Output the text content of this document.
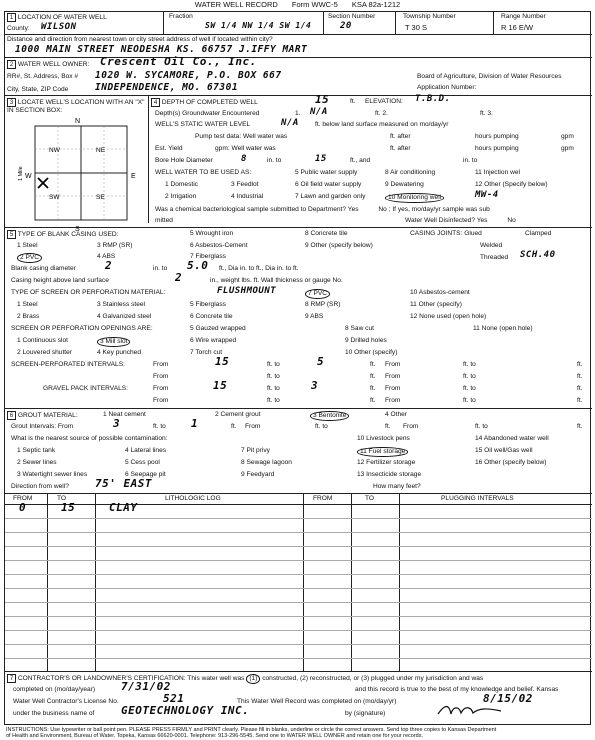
WATER WELL RECORD Form WWC-5 KSA 82a-1212
1 LOCATION OF WATER WELL
County: WILSON
Fraction
SW 1/4 NW 1/4 SW 1/4
Section Number
20
Township Number
T 30 S
Range Number
R 16 E/W
Distance and direction from nearest town or city street address of well if located within city?
1000 MAIN STREET NEODESHA KS. 66757 J.IFFY MART
2 WATER WELL OWNER: Crescent Oil Co., Inc.
RR#, St. Address, Box # 1020 W. SYCAMORE, P.O. BOX 667
City, State, ZIP Code	INDEPENDENCE, MO. 67301
Board of Agriculture, Division of Water Resources
Application Number:
3 LOCATE WELL'S LOCATION WITH AN "X" IN SECTION BOX:
N
S
W	E
1 Mile
NW	NE
SW	SE
4 DEPTH OF COMPLETED WELL	15	ft. ELEVATION: T.B.D.
Depth(s) Groundwater Encountered	1. N/A	ft. 2.	ft. 3.
WELL'S STATIC WATER LEVEL	N/A ft. below land surface measured on mo/day/yr
Pump test data: Well water was	ft. after	hours pumping	gpm
Est. Yield	gpm: Well water was	ft. after	hours pumping	gpm
Bore Hole Diameter	8	in. to	15	ft., and	in. to
WELL WATER TO BE USED AS:
1 Domestic
2 Irrigation
3 Feedlot
4 Industrial
5 Public water supply
6 Oil field water supply
7 Lawn and garden only
8 Air conditioning
9 Dewatering
10 Monitoring well	MW-4
11 Injection wel
12 Other (Specify below)
Was a chemical bacteriological sample submitted to Department? Yes	No ; If yes, mo/day/yr sample was sub
mitted	Water Well Disinfected? Yes	No
5 TYPE OF BLANK CASING USED:
1 Steel
2 PVC
3 RMP (SR)
4 ABS
5 Wrought iron
6 Asbestos-Cement
7 Fiberglass
8 Concrete tile
9 Other (specify below)
CASING JOINTS: Glued	Clamped
Welded
Threaded SCH.40
Blank casing diameter	2	in. to 5.0 ft., Dia in. to ft., Dia in. to ft.
Casing height above land surface	2	in., weight lbs. ft. Wall thickness or gauge No.
TYPE OF SCREEN OR PERFORATION MATERIAL:	FLUSHMOUNT
1 Steel
2 Brass
3 Stainless steel
4 Galvanized steel
5 Fiberglass
6 Concrete tile
7 PVC
8 RMP (SR)
9 ABS
10 Asbestos-cement
11 Other (specify)
12 None used (open hole)
SCREEN OR PERFORATION OPENINGS ARE:
1 Continuous slot
2 Louvered shutter
3 Mill slot
4 Key punched
5 Gauzed wrapped
6 Wire wrapped
7 Torch cut
8 Saw cut
9 Drilled holes
10 Other (specify)
11 None (open hole)
SCREEN-PERFORATED INTERVALS:	From	15	ft. to	5	ft. From	ft. to	ft.
From	ft. to	ft. From	ft. to	ft.
GRAVEL PACK INTERVALS:	From	15	ft. to	3	ft. From	ft. to	ft.
From	ft. to	ft. From	ft. to	ft.
6 GROUT MATERIAL:	1 Neat cement	2 Cement grout	3 Bentonite	4 Other
Grout Intervals: From	3	ft. to 1	ft. From	ft. to	ft. From	ft. to	ft.
What is the nearest source of possible contamination:
1 Septic tank
2 Sewer lines
3 Watertight sewer lines
4 Lateral lines
5 Cess pool
6 Seepage pit
7 Pit privy
8 Sewage lagoon
9 Feedyard
10 Livestock pens
11 Fuel storage
12 Fertilizer storage
13 Insecticide storage
14 Abandoned water well
15 Oil well/Gas well
16 Other (specify below)
Direction from well? 75' EAST	How many feet?
FROM	TO	LITHOLOGIC LOG	FROM	TO	PLUGGING INTERVALS
0	15	CLAY
7 CONTRACTOR'S OR LANDOWNER'S CERTIFICATION: This water well was (1) constructed, (2) reconstructed, or (3) plugged under my jurisdiction and was
completed on (mo/day/year) 7/31/02	and this record is true to the best of my knowledge and belief. Kansas
Water Well Contractor's License No.	521	This Water Well Record was completed on (mo/day/yr)	8/15/02
under the business name of GEOTECHNOLOGY INC.	by (signature)
INSTRUCTIONS: Use typewriter or ball point pen. PLEASE PRESS FIRMLY and PRINT clearly. Please fill in blanks, underline or circle the correct answers. Send top three copies to Kansas Department
of Health and Environment, Bureau of Water, Topeka, Kansas 66620-0001. Telephone: 913-296-5545. Send one to WATER WELL OWNER and retain one for your records.
